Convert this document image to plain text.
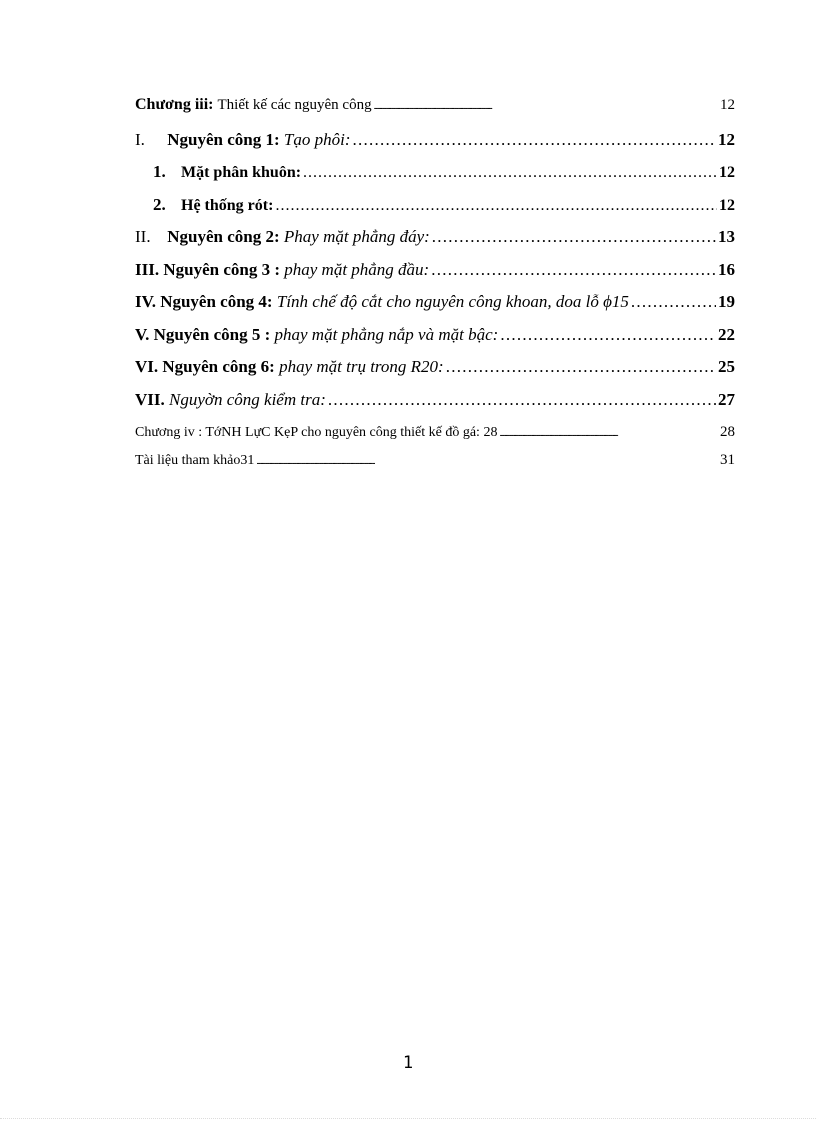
Chương iii: Thiết kế các nguyên công . . .	12
I. Nguyên công 1: Tạo phôi: . . .	12
1. Mặt phân khuôn: . . .	12
2. Hệ thống rót: . . .	12
II. Nguyên công 2: Phay mặt phẳng đáy: . . .	13
III. Nguyên công 3 : phay mặt phẳng đầu: . . .	16
IV. Nguyên công 4: Tính chế độ cắt cho nguyên công khoan, doa lỗ ϕ15 . . .	19
V. Nguyên công 5 : phay mặt phẳng nắp và mặt bậc: . . .	22
VI. Nguyên công 6: phay mặt trụ trong R20: . . .	25
VII. Nguyờn công kiểm tra: . . .	27
Chương iv : TớNH LựC KẹP cho nguyên công thiết kế đồ gá: 28 . . .	28
Tài liệu tham khảo31 . . .	31
1
